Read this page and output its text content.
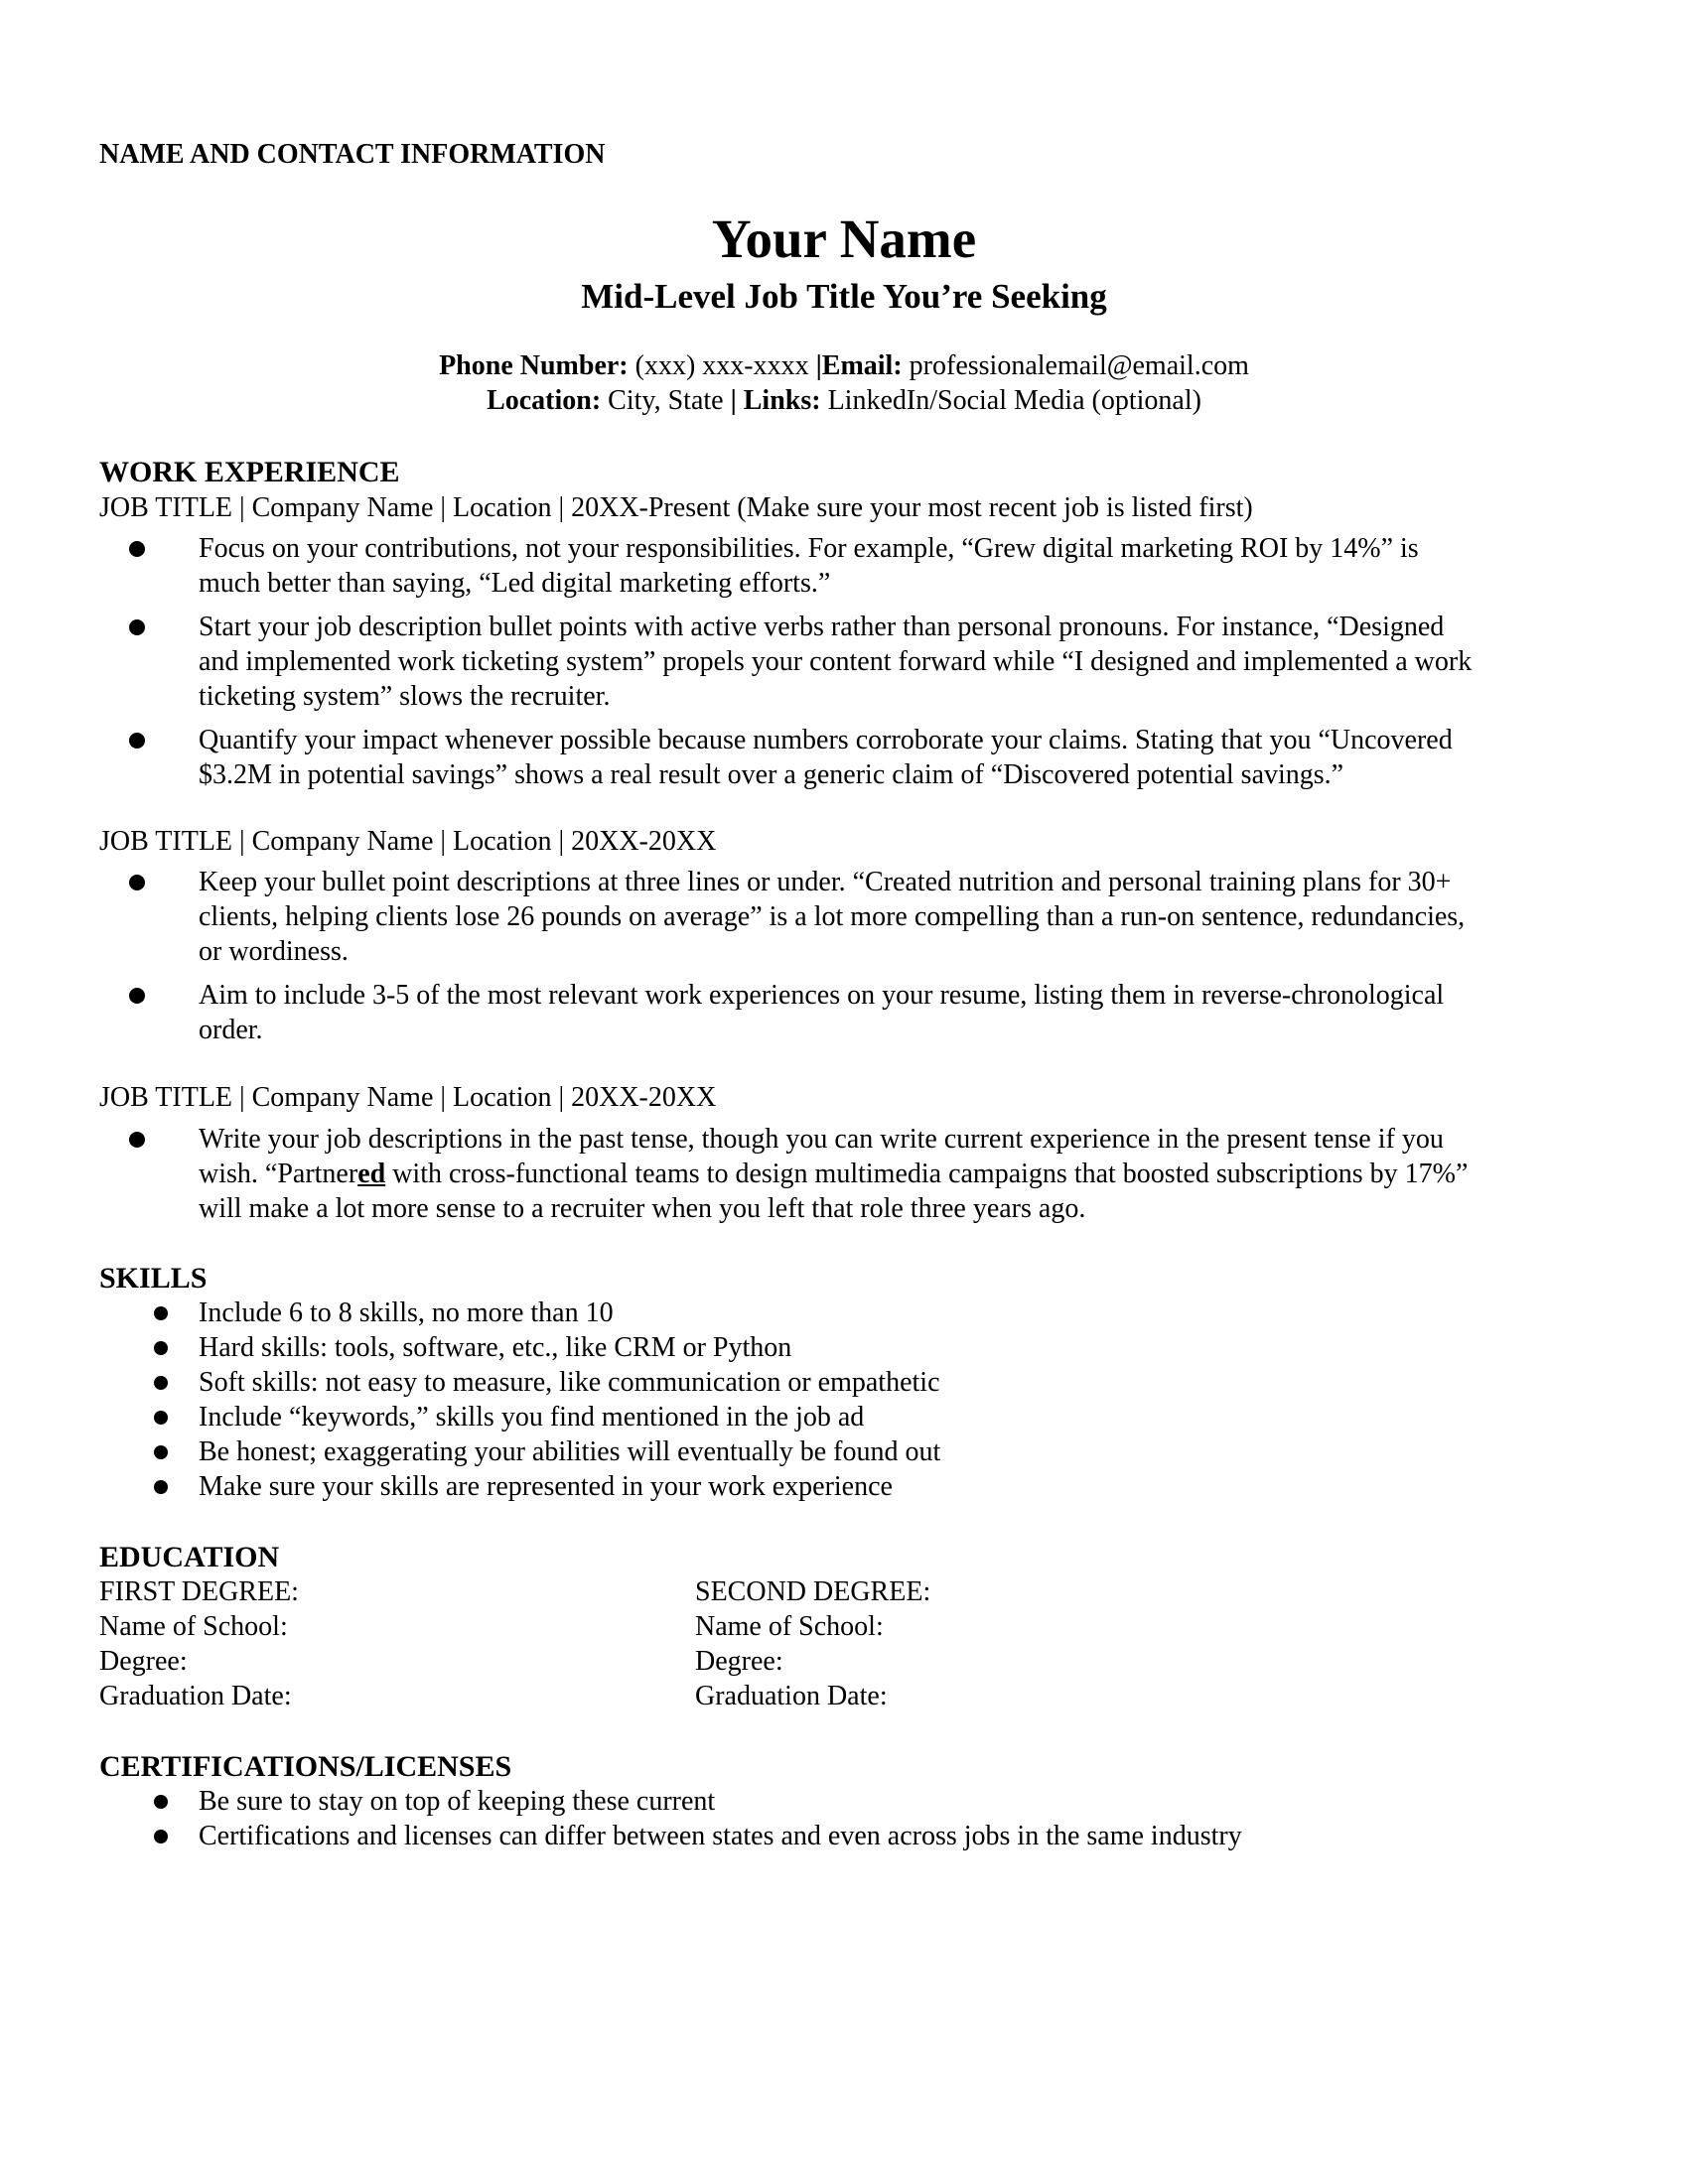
NAME AND CONTACT INFORMATION
Your Name
Mid-Level Job Title You’re Seeking
Phone Number: (xxx) xxx-xxxx |Email: professionalemail@email.com
Location: City, State | Links: LinkedIn/Social Media (optional)
WORK EXPERIENCE
JOB TITLE | Company Name | Location | 20XX-Present (Make sure your most recent job is listed first)
Focus on your contributions, not your responsibilities. For example, “Grew digital marketing ROI by 14%” is
much better than saying, “Led digital marketing efforts.”
Start your job description bullet points with active verbs rather than personal pronouns. For instance, “Designed
and implemented work ticketing system” propels your content forward while “I designed and implemented a work
ticketing system” slows the recruiter.
Quantify your impact whenever possible because numbers corroborate your claims. Stating that you “Uncovered
$3.2M in potential savings” shows a real result over a generic claim of “Discovered potential savings.”
JOB TITLE | Company Name | Location | 20XX-20XX
Keep your bullet point descriptions at three lines or under. “Created nutrition and personal training plans for 30+
clients, helping clients lose 26 pounds on average” is a lot more compelling than a run-on sentence, redundancies,
or wordiness.
Aim to include 3-5 of the most relevant work experiences on your resume, listing them in reverse-chronological
order.
JOB TITLE | Company Name | Location | 20XX-20XX
Write your job descriptions in the past tense, though you can write current experience in the present tense if you
wish. “Partnered with cross-functional teams to design multimedia campaigns that boosted subscriptions by 17%”
will make a lot more sense to a recruiter when you left that role three years ago.
SKILLS
Include 6 to 8 skills, no more than 10
Hard skills: tools, software, etc., like CRM or Python
Soft skills: not easy to measure, like communication or empathetic
Include “keywords,” skills you find mentioned in the job ad
Be honest; exaggerating your abilities will eventually be found out
Make sure your skills are represented in your work experience
EDUCATION
FIRST DEGREE:
Name of School:
Degree:
Graduation Date:
SECOND DEGREE:
Name of School:
Degree:
Graduation Date:
CERTIFICATIONS/LICENSES
Be sure to stay on top of keeping these current
Certifications and licenses can differ between states and even across jobs in the same industry
